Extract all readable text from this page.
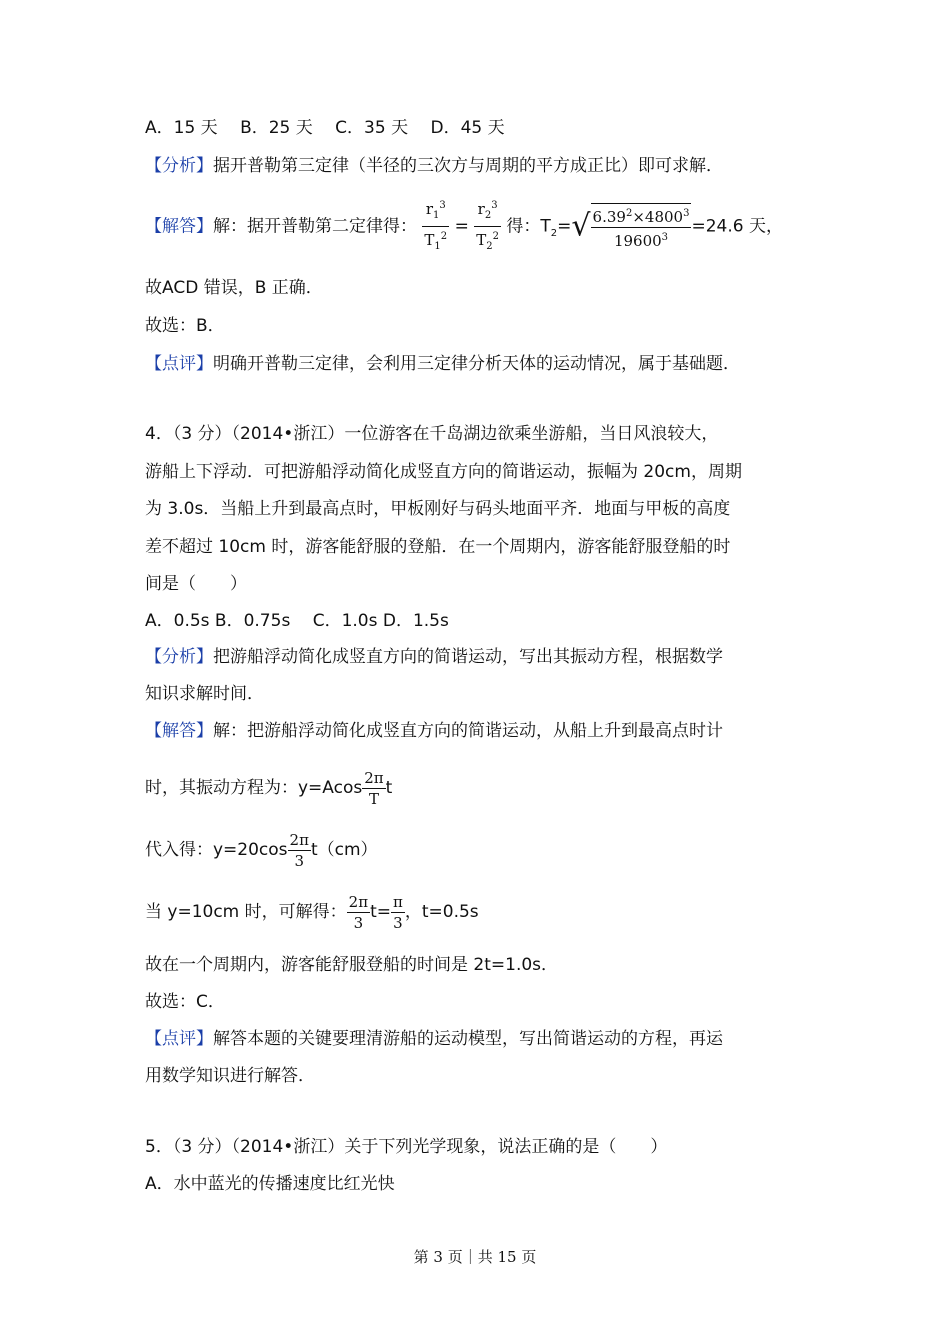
A．15 天　 B．25 天　 C．35 天　 D．45 天
【分析】据开普勒第三定律（半径的三次方与周期的平方成正比）即可求解．
【解答】解：据开普勒第二定律得： $\frac{r_1^3}{T_1^2} = \frac{r_2^3}{T_2^2}$ 得：$T_2=√ \frac{6.39^2\times 4800^3}{19600^3} =24.6$ 天，
故ACD 错误，B 正确．
故选：B．
【点评】明确开普勒三定律，会利用三定律分析天体的运动情况，属于基础题．
4．（3 分）（2014•浙江）一位游客在千岛湖边欲乘坐游船，当日风浪较大，
游船上下浮动．可把游船浮动简化成竖直方向的简谐运动，振幅为 20cm，周期
为 3.0s．当船上升到最高点时，甲板刚好与码头地面平齐．地面与甲板的高度
差不超过 10cm 时，游客能舒服的登船．在一个周期内，游客能舒服登船的时
间是（　　）
A．0.5s B．0.75s　 C．1.0s D．1.5s
【分析】把游船浮动简化成竖直方向的简谐运动，写出其振动方程，根据数学
知识求解时间．
【解答】解：把游船浮动简化成竖直方向的简谐运动，从船上升到最高点时计
时，其振动方程为：$y=Acos \frac{2\pi}{T}$ t
代入得：$y=20\cos \frac{2\pi}{3} t(cm)$
当 y=10cm 时，可解得： $\frac{2\pi}{3} t= \frac{\pi}{3}$ ，t=0.5s
故在一个周期内，游客能舒服登船的时间是 2t=1.0s．
故选：C．
【点评】解答本题的关键要理清游船的运动模型，写出简谐运动的方程，再运
用数学知识进行解答．
5．（3 分）（2014•浙江）关于下列光学现象，说法正确的是（　　）
A．水中蓝光的传播速度比红光快
第 3 页｜共 15 页
